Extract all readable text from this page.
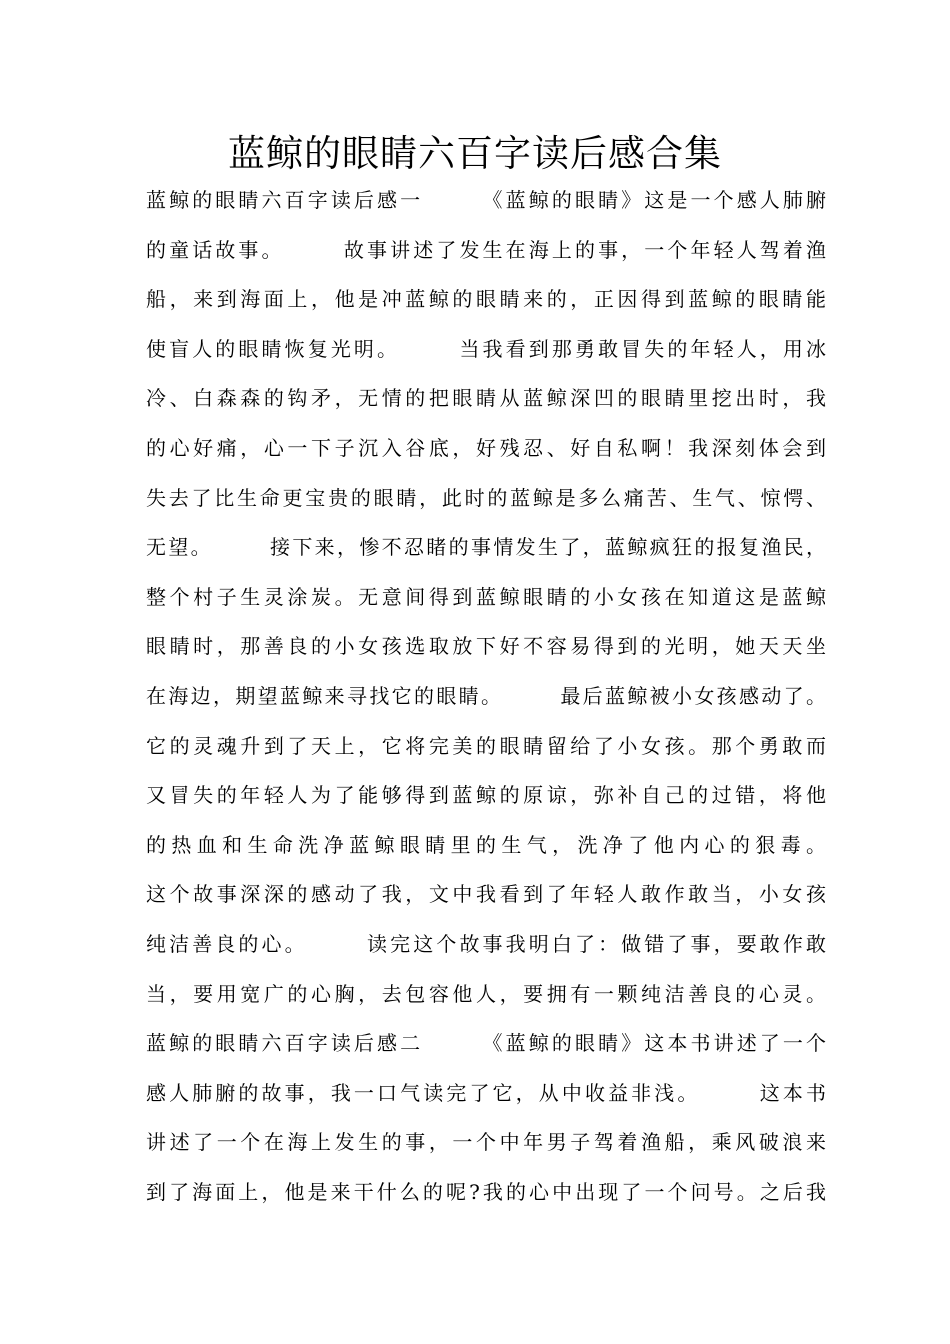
蓝鲸的眼睛六百字读后感合集
蓝鲸的眼睛六百字读后感一　　　《蓝鲸的眼睛》这是一个感人肺腑
的童话故事。　　　故事讲述了发生在海上的事，一个年轻人驾着渔
船，来到海面上，他是冲蓝鲸的眼睛来的，正因得到蓝鲸的眼睛能
使盲人的眼睛恢复光明。　　　当我看到那勇敢冒失的年轻人，用冰
冷、白森森的钩矛，无情的把眼睛从蓝鲸深凹的眼睛里挖出时，我
的心好痛，心一下子沉入谷底，好残忍、好自私啊！我深刻体会到
失去了比生命更宝贵的眼睛，此时的蓝鲸是多么痛苦、生气、惊愕、
无望。　　　接下来，惨不忍睹的事情发生了，蓝鲸疯狂的报复渔民，
整个村子生灵涂炭。无意间得到蓝鲸眼睛的小女孩在知道这是蓝鲸
眼睛时，那善良的小女孩选取放下好不容易得到的光明，她天天坐
在海边，期望蓝鲸来寻找它的眼睛。　　　最后蓝鲸被小女孩感动了。
它的灵魂升到了天上，它将完美的眼睛留给了小女孩。那个勇敢而
又冒失的年轻人为了能够得到蓝鲸的原谅，弥补自己的过错，将他
的热血和生命洗净蓝鲸眼睛里的生气，洗净了他内心的狠毒。
这个故事深深的感动了我，文中我看到了年轻人敢作敢当，小女孩
纯洁善良的心。　　　读完这个故事我明白了：做错了事，要敢作敢
当，要用宽广的心胸，去包容他人，要拥有一颗纯洁善良的心灵。
蓝鲸的眼睛六百字读后感二　　　《蓝鲸的眼睛》这本书讲述了一个
感人肺腑的故事，我一口气读完了它，从中收益非浅。　　　这本书
讲述了一个在海上发生的事，一个中年男子驾着渔船，乘风破浪来
到了海面上，他是来干什么的呢?我的心中出现了一个问号。之后我
